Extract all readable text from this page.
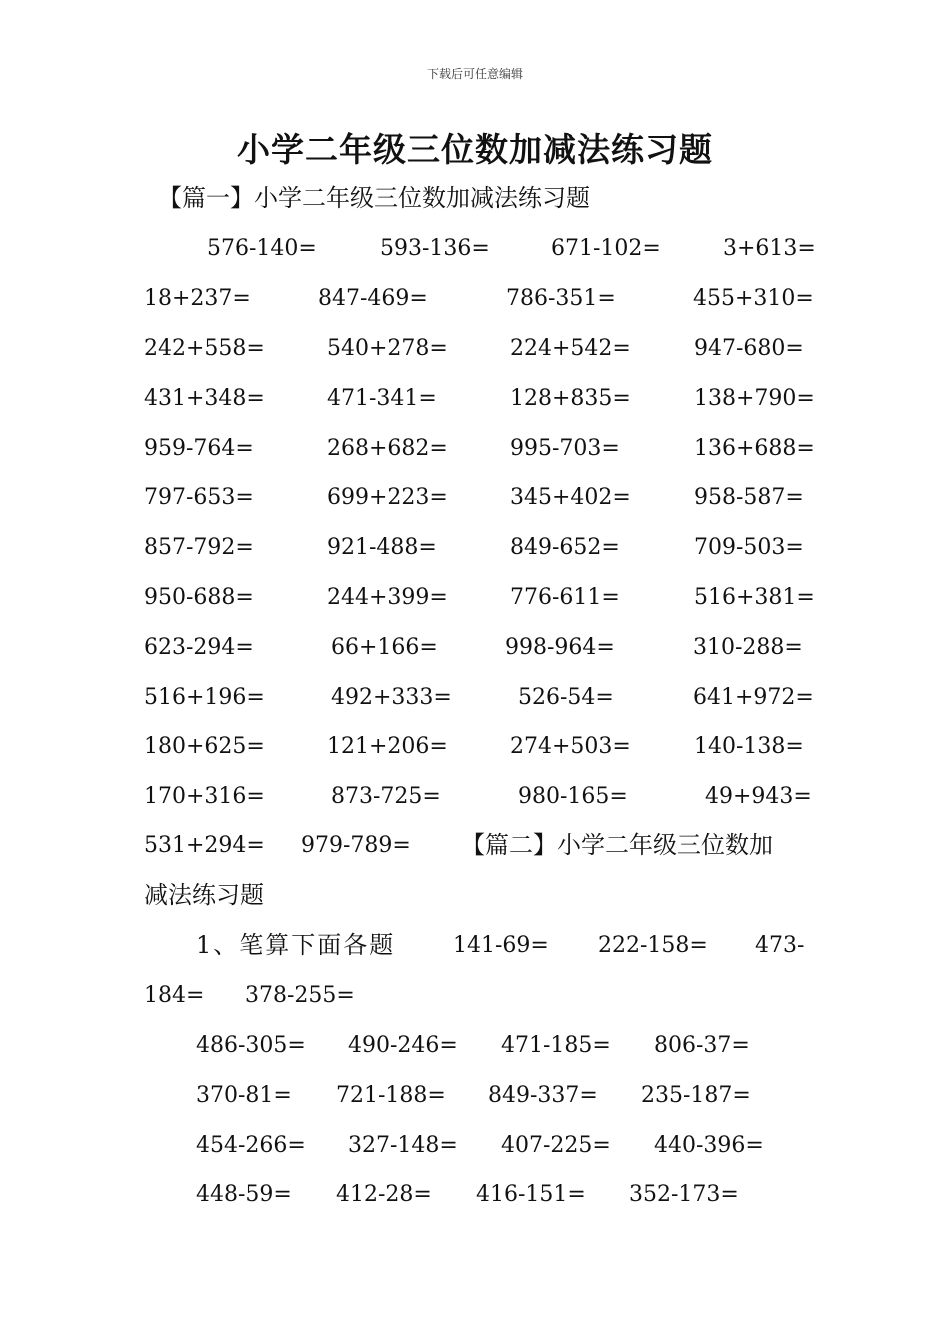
下载后可任意编辑
小学二年级三位数加减法练习题
【篇一】小学二年级三位数加减法练习题
576-140=	593-136=	671-102=	3+613=
18+237=	847-469=	786-351=	455+310=
242+558=	540+278=	224+542=	947-680=
431+348=	471-341=	128+835=	138+790=
959-764=	268+682=	995-703=	136+688=
797-653=	699+223=	345+402=	958-587=
857-792=	921-488=	849-652=	709-503=
950-688=	244+399=	776-611=	516+381=
623-294=	66+166=	998-964=	310-288=
516+196=	492+333=	526-54=	641+972=
180+625=	121+206=	274+503=	140-138=
170+316=	873-725=	980-165=	49+943=
531+294= 979-789= 【篇二】小学二年级三位数加
减法练习题
1、笔算下面各题	141-69= 222-158= 473-
184= 378-255=
486-305= 490-246= 471-185= 806-37=
370-81= 721-188= 849-337= 235-187=
454-266= 327-148= 407-225= 440-396=
448-59= 412-28= 416-151= 352-173=
